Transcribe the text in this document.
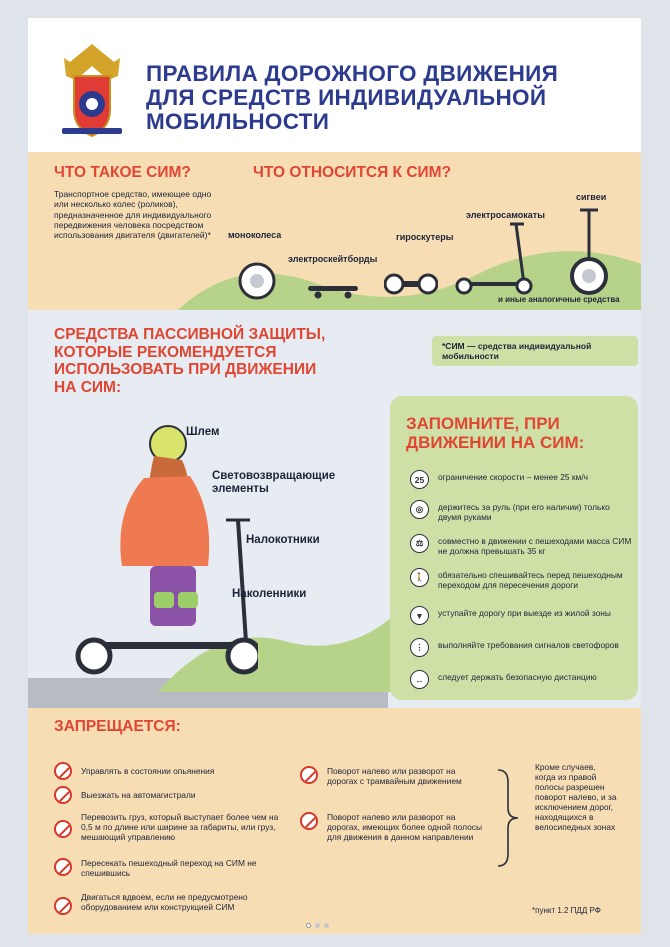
ПРАВИЛА ДОРОЖНОГО ДВИЖЕНИЯ
ДЛЯ СРЕДСТВ ИНДИВИДУАЛЬНОЙ
МОБИЛЬНОСТИ
ЧТО ТАКОЕ СИМ?	ЧТО ОТНОСИТСЯ К СИМ?
Транспортное средство, имеющее одно или несколько колес (роликов), предназначенное для индивидуального передвижения человека посредством использования двигателя (двигателей)* моноколеса
электроскейтборды
гироскутеры
электросамокаты
сигвеи
и иные аналогичные средства
СРЕДСТВА ПАССИВНОЙ ЗАЩИТЫ,
КОТОРЫЕ РЕКОМЕНДУЕТСЯ
ИСПОЛЬЗОВАТЬ ПРИ ДВИЖЕНИИ
НА СИМ:
*СИМ — средства индивидуальной мобильности
Шлем
Световозвращающие элементы
Налокотники
Наколенники
ЗАПОМНИТЕ, ПРИ
ДВИЖЕНИИ НА СИМ:
25	ограничение скорости – менее 25 км/ч
◎	держитесь за руль (при его наличии) только двумя руками
⚖	совместно в движении с пешеходами масса СИМ не должна превышать 35 кг
🚶	обязательно спешивайтесь перед пешеходным переходом для пересечения дороги
▼	уступайте дорогу при выезде из жилой зоны
⋮	выполняйте требования сигналов светофоров
↔	следует держать безопасную дистанцию
ЗАПРЕЩАЕТСЯ:
Управлять в состоянии опьянения
Выезжать на автомагистрали
Перевозить груз, который выступает более чем на 0,5 м по длине или ширине за габариты, или груз, мешающий управлению
Пересекать пешеходный переход на СИМ не спешившись
Двигаться вдвоем, если не предусмотрено оборудованием или конструкцией СИМ
Поворот налево или разворот на дорогах с трамвайным движением
Поворот налево или разворот на дорогах, имеющих более одной полосы для движения в данном направлении
Кроме случаев, когда из правой полосы разрешен поворот налево, и за исключением дорог, находящихся в велосипедных зонах
*пункт 1.2 ПДД РФ
